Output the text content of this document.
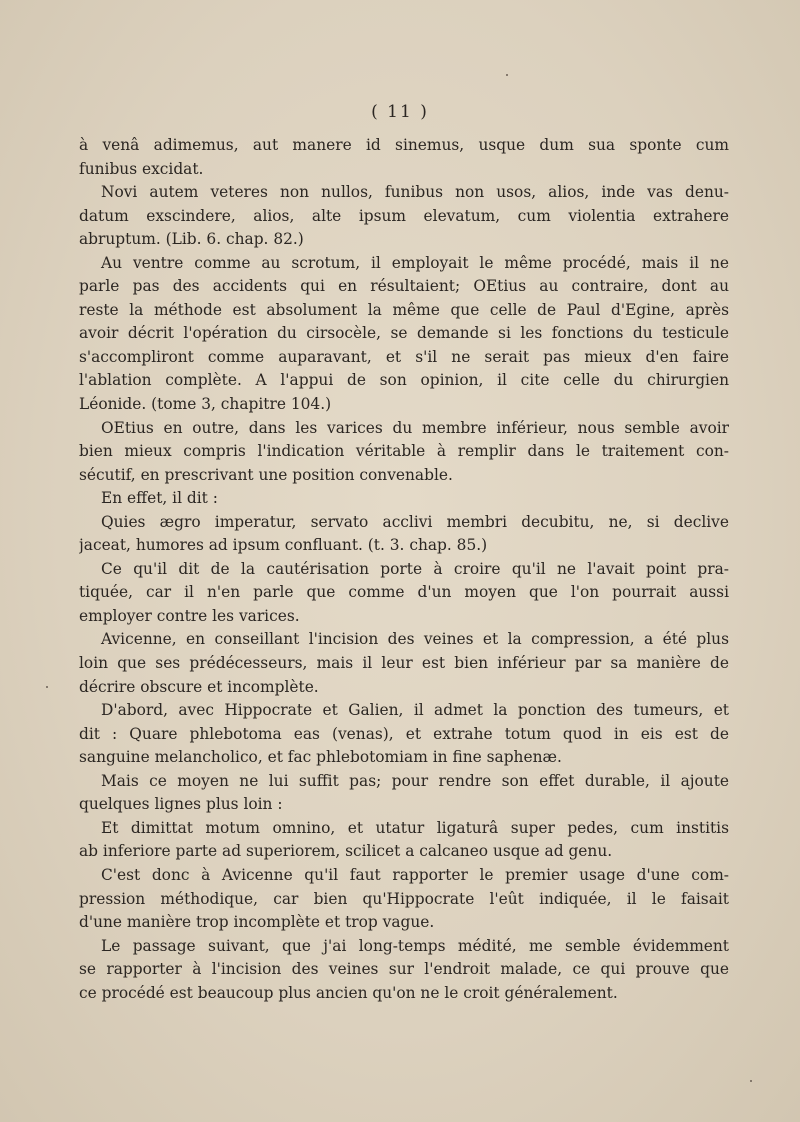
( 11 )
à venâ adimemus, aut manere id sinemus, usque dum sua sponte cum
funibus excidat.
Novi autem veteres non nullos, funibus non usos, alios, inde vas denu-
datum exscindere, alios, alte ipsum elevatum, cum violentia extrahere
abruptum. (Lib. 6. chap. 82.)
Au ventre comme au scrotum, il employait le même procédé, mais il ne
parle pas des accidents qui en résultaient; OEtius au contraire, dont au
reste la méthode est absolument la même que celle de Paul d'Egine, après
avoir décrit l'opération du cirsocèle, se demande si les fonctions du testicule
s'accompliront comme auparavant, et s'il ne serait pas mieux d'en faire
l'ablation complète. A l'appui de son opinion, il cite celle du chirurgien
Léonide. (tome 3, chapitre 104.)
OEtius en outre, dans les varices du membre inférieur, nous semble avoir
bien mieux compris l'indication véritable à remplir dans le traitement con-
sécutif, en prescrivant une position convenable.
En effet, il dit :
Quies ægro imperatur, servato acclivi membri decubitu, ne, si declive
jaceat, humores ad ipsum confluant. (t. 3. chap. 85.)
Ce qu'il dit de la cautérisation porte à croire qu'il ne l'avait point pra-
tiquée, car il n'en parle que comme d'un moyen que l'on pourrait aussi
employer contre les varices.
Avicenne, en conseillant l'incision des veines et la compression, a été plus
loin que ses prédécesseurs, mais il leur est bien inférieur par sa manière de
décrire obscure et incomplète.
D'abord, avec Hippocrate et Galien, il admet la ponction des tumeurs, et
dit : Quare phlebotoma eas (venas), et extrahe totum quod in eis est de
sanguine melancholico, et fac phlebotomiam in fine saphenæ.
Mais ce moyen ne lui suffit pas; pour rendre son effet durable, il ajoute
quelques lignes plus loin :
Et dimittat motum omnino, et utatur ligaturâ super pedes, cum institis
ab inferiore parte ad superiorem, scilicet a calcaneo usque ad genu.
C'est donc à Avicenne qu'il faut rapporter le premier usage d'une com-
pression méthodique, car bien qu'Hippocrate l'eût indiquée, il le faisait
d'une manière trop incomplète et trop vague.
Le passage suivant, que j'ai long-temps médité, me semble évidemment
se rapporter à l'incision des veines sur l'endroit malade, ce qui prouve que
ce procédé est beaucoup plus ancien qu'on ne le croit généralement.
